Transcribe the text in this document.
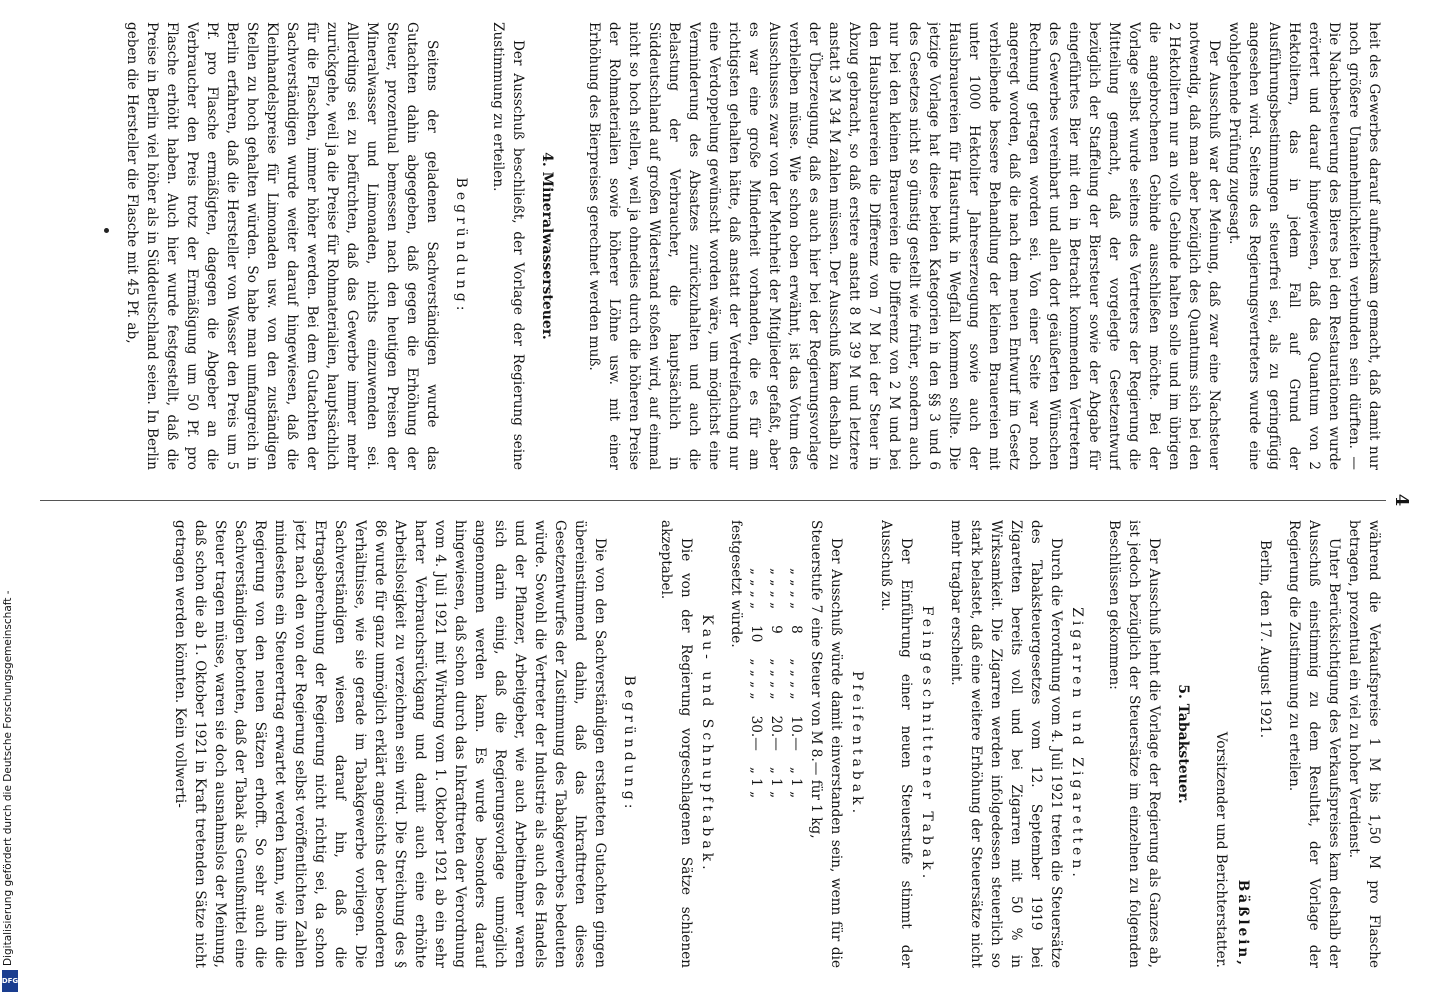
4

heit des Gewerbes darauf aufmerksam gemacht, daß damit nur noch größere Unannehmlichkeiten verbunden sein dürften. — Die Nachbesteuerung des Bieres bei den Restaurationen wurde erörtert und darauf hingewiesen, daß das Quantum von 2 Hektolitern, das in jedem Fall auf Grund der Ausführungsbestimmungen steuerfrei sei, als zu geringfügig angesehen wird. Seitens des Regierungsvertreters wurde eine wohlgehende Prüfung zugesagt.

Der Ausschuß war der Meinung, daß zwar eine Nachsteuer notwendig, daß man aber bezüglich des Quantums sich bei den 2 Hektolitern nur an volle Gebinde halten solle und im übrigen die angebrochenen Gebinde ausschließen möchte. Bei der Vorlage selbst wurde seitens des Vertreters der Regierung die Mitteilung gemacht, daß der vorgelegte Gesetzentwurf bezüglich der Staffelung der Biersteuer sowie der Abgabe für eingeführtes Bier mit den in Betracht kommenden Vertretern des Gewerbes vereinbart und allen dort geäußerten Wünschen Rechnung getragen worden sei. Von einer Seite war noch angeregt worden, daß die nach dem neuen Entwurf im Gesetz verbleibende bessere Behandlung der kleinen Brauereien mit unter 1000 Hektoliter Jahreserzeugung sowie auch der Hausbrauereien für Haustrunk in Wegfall kommen sollte. Die jetzige Vorlage hat diese beiden Kategorien in den §§ 3 und 6 des Gesetzes nicht so günstig gestellt wie früher, sondern auch nur bei den kleinen Brauereien die Differenz von 2 M und bei den Hausbrauereien die Differenz von 7 M bei der Steuer in Abzug gebracht, so daß erstere anstatt 8 M 39 M und letztere anstatt 3 M 34 M zahlen müssen. Der Ausschuß kam deshalb zu der Überzeugung, daß es auch hier bei der Regierungsvorlage verbleiben müsse. Wie schon oben erwähnt, ist das Votum des Ausschusses zwar von der Mehrheit der Mitglieder gefaßt, aber es war eine große Minderheit vorhanden, die es für am richtigsten gehalten hätte, daß anstatt der Verdreifachung nur eine Verdoppelung gewünscht worden wäre, um möglichst eine Verminderung des Absatzes zurückzuhalten und auch die Belastung der Verbraucher, die hauptsächlich in Süddeutschland auf großen Widerstand stoßen wird, auf einmal nicht so hoch stellen, weil ja ohnedies durch die höheren Preise der Rohmaterialien sowie höherer Löhne usw. mit einer Erhöhung des Bierpreises gerechnet werden muß.

4. Mineralwassersteuer.

Der Ausschuß beschließt, der Vorlage der Regierung seine Zustimmung zu erteilen.

Begründung:

Seitens der geladenen Sachverständigen wurde das Gutachten dahin abgegeben, daß gegen die Erhöhung der Steuer, prozentual bemessen nach den heutigen Preisen der Mineralwasser und Limonaden, nichts einzuwenden sei. Allerdings sei zu befürchten, daß das Gewerbe immer mehr zurückgehe, weil ja die Preise für Rohmaterialien, hauptsächlich für die Flaschen, immer höher werden. Bei dem Gutachten der Sachverständigen wurde weiter darauf hingewiesen, daß die Kleinhandelspreise für Limonaden usw. von den zuständigen Stellen zu hoch gehalten würden. So habe man umfangreich in Berlin erfahren, daß die Hersteller von Wasser den Preis um 5 Pf. pro Flasche ermäßigten, dagegen die Abgeber an die Verbraucher den Preis trotz der Ermäßigung um 50 Pf. pro Flasche erhöht haben. Auch hier wurde festgestellt, daß die Preise in Berlin viel höher als in Süddeutschland seien. In Berlin geben die Hersteller die Flasche mit 45 Pf. ab,

während die Verkaufspreise 1 M bis 1,50 M pro Flasche betragen, prozentual ein viel zu hoher Verdienst.

Unter Berücksichtigung des Verkaufspreises kam deshalb der Ausschuß einstimmig zu dem Resultat, der Vorlage der Regierung die Zustimmung zu erteilen.

Berlin, den 17. August 1921.
Bäßlein,
Vorsitzender und Berichterstatter.

5. Tabaksteuer.

Der Ausschuß lehnt die Vorlage der Regierung als Ganzes ab, ist jedoch bezüglich der Steuersätze im einzelnen zu folgenden Beschlüssen gekommen:

Zigarren und Zigaretten.

Durch die Verordnung vom 4. Juli 1921 treten die Steuersätze des Tabaksteuergesetzes vom 12. September 1919 bei Zigaretten bereits voll und bei Zigarren mit 50 % in Wirksamkeit. Die Zigarren werden infolgedessen steuerlich so stark belastet, daß eine weitere Erhöhung der Steuersätze nicht mehr tragbar erscheint.

Feingeschnittener Tabak.

Der Einführung einer neuen Steuerstufe stimmt der Ausschuß zu.

Pfeifentabak.

Der Ausschuß würde damit einverstanden sein, wenn für die Steuerstufe 7 eine Steuer von M 8.— für 1 kg,

„ „ „ „	8	„ „ „ „	10.—	„ 1 „
„ „ „ „	9	„ „ „ „	20.—	„ 1 „
„ „ „ „	10	„ „ „ „	30.—	„ 1 „

festgesetzt würde.

Kau- und Schnupftabak.

Die von der Regierung vorgeschlagenen Sätze schienen akzeptabel.

Begründung:

Die von den Sachverständigen erstatteten Gutachten gingen übereinstimmend dahin, daß das Inkrafttreten dieses Gesetzentwurfes der Zustimmung des Tabakgewerbes bedeuten würde. Sowohl die Vertreter der Industrie als auch des Handels und der Pflanzer, Arbeitgeber, wie auch Arbeitnehmer waren sich darin einig, daß die Regierungsvorlage unmöglich angenommen werden kann. Es wurde besonders darauf hingewiesen, daß schon durch das Inkrafttreten der Verordnung vom 4. Juli 1921 mit Wirkung vom 1. Oktober 1921 ab ein sehr harter Verbrauchsrückgang und damit auch eine erhöhte Arbeitslosigkeit zu verzeichnen sein wird. Die Streichung des § 86 wurde für ganz unmöglich erklärt angesichts der besonderen Verhältnisse, wie sie gerade im Tabakgewerbe vorliegen. Die Sachverständigen wiesen darauf hin, daß die Ertragsberechnung der Regierung nicht richtig sei, da schon jetzt nach den von der Regierung selbst veröffentlichten Zahlen mindestens ein Steuerertrag erwartet werden kann, wie ihn die Regierung von den neuen Sätzen erhofft. So sehr auch die Sachverständigen betonten, daß der Tabak als Genußmittel eine Steuer tragen müsse, waren sie doch ausnahmslos der Meinung, daß schon die ab 1. Oktober 1921 in Kraft tretenden Sätze nicht getragen werden könnten. Kein vollwerti-

Digitalisierung gefördert durch die Deutsche Forschungsgemeinschaft -
DFG
